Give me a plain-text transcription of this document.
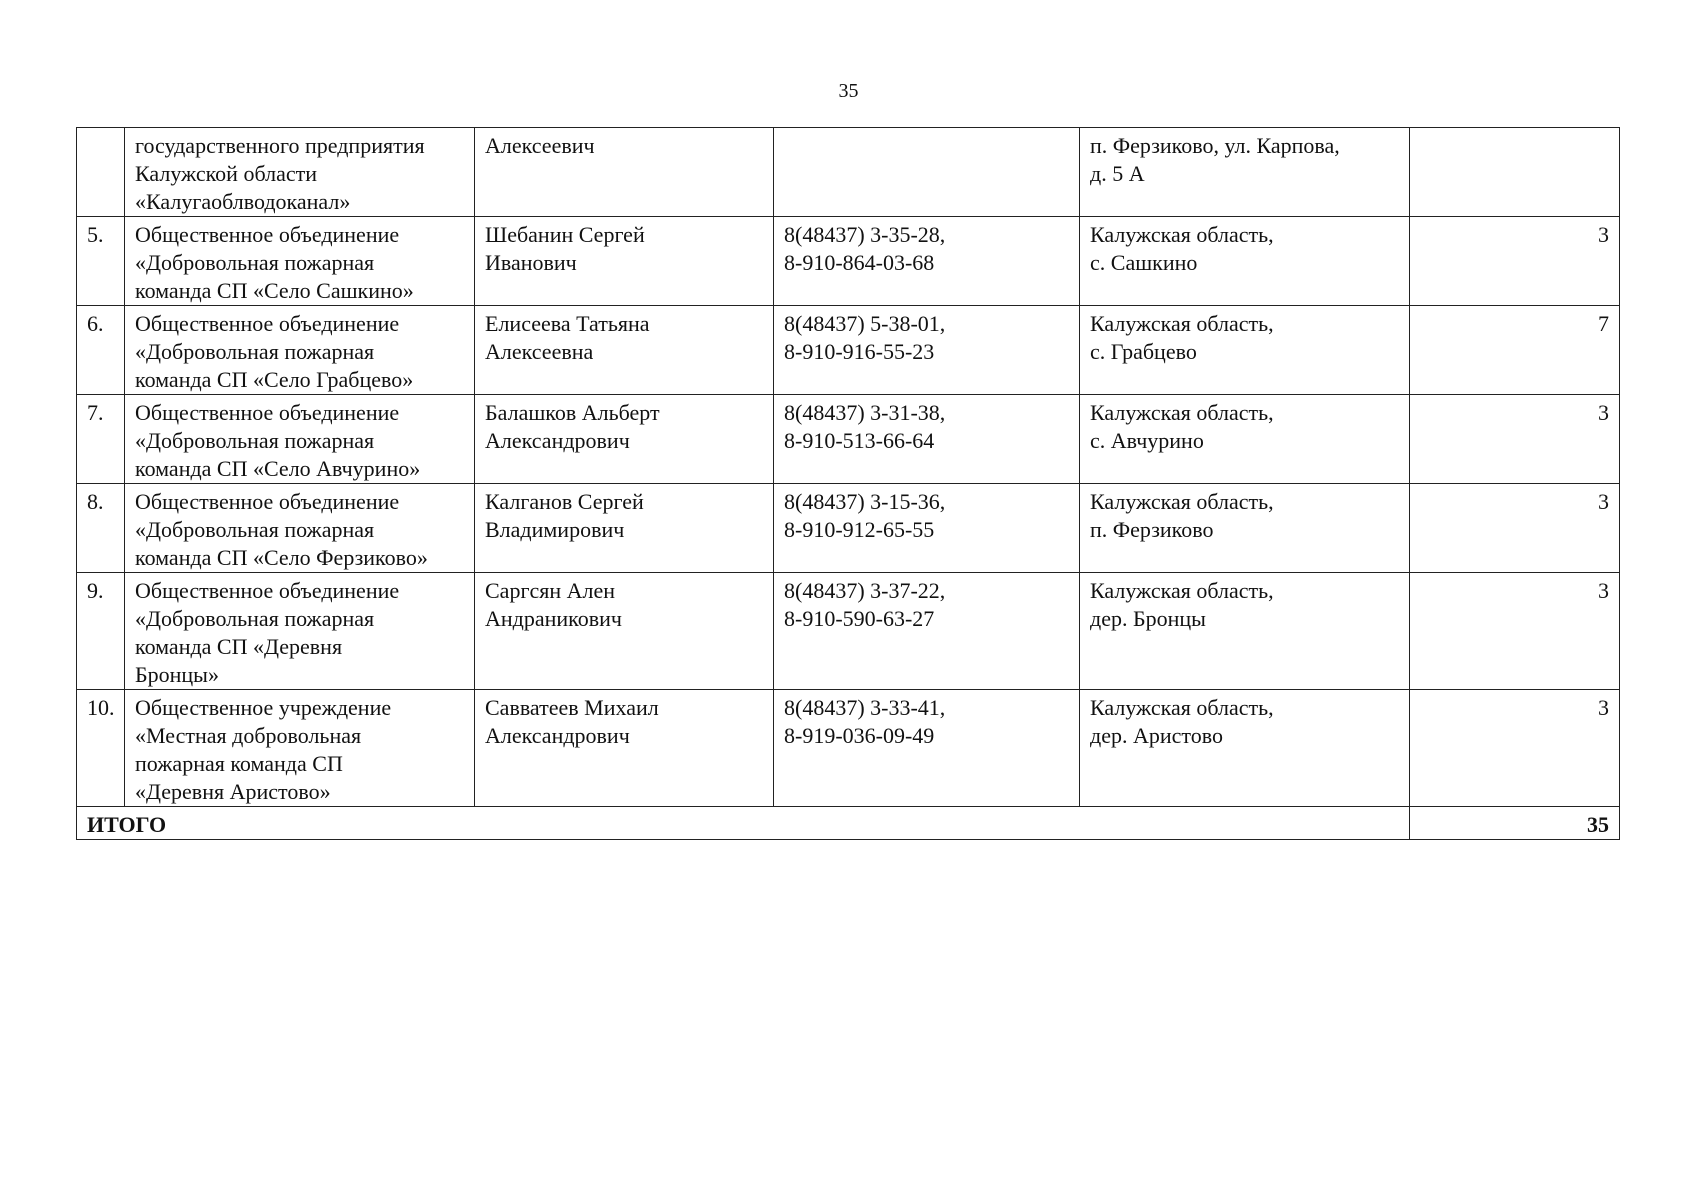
35

	государственного предприятия
Калужской области
«Калугаоблводоканал»	Алексеевич		п. Ферзиково, ул. Карпова,
д. 5 А	

5.	Общественное объединение
«Добровольная пожарная
команда СП «Село Сашкино»	Шебанин Сергей
Иванович	8(48437) 3-35-28,
8-910-864-03-68	Калужская область,
с. Сашкино	3
6.	Общественное объединение
«Добровольная пожарная
команда СП «Село Грабцево»	Елисеева Татьяна
Алексеевна	8(48437) 5-38-01,
8-910-916-55-23	Калужская область,
с. Грабцево	7
7.	Общественное объединение
«Добровольная пожарная
команда СП «Село Авчурино»	Балашков Альберт
Александрович	8(48437) 3-31-38,
8-910-513-66-64	Калужская область,
с. Авчурино	3
8.	Общественное объединение
«Добровольная пожарная
команда СП «Село Ферзиково»	Калганов Сергей
Владимирович	8(48437) 3-15-36,
8-910-912-65-55	Калужская область,
п. Ферзиково	3
9.	Общественное объединение
«Добровольная пожарная
команда СП «Деревня
Бронцы»	Саргсян Ален
Андраникович	8(48437) 3-37-22,
8-910-590-63-27	Калужская область,
дер. Бронцы	3
10.	Общественное учреждение
«Местная добровольная
пожарная команда СП
«Деревня Аристово»	Савватеев Михаил
Александрович	8(48437) 3-33-41,
8-919-036-09-49	Калужская область,
дер. Аристово	3
ИТОГО					35
